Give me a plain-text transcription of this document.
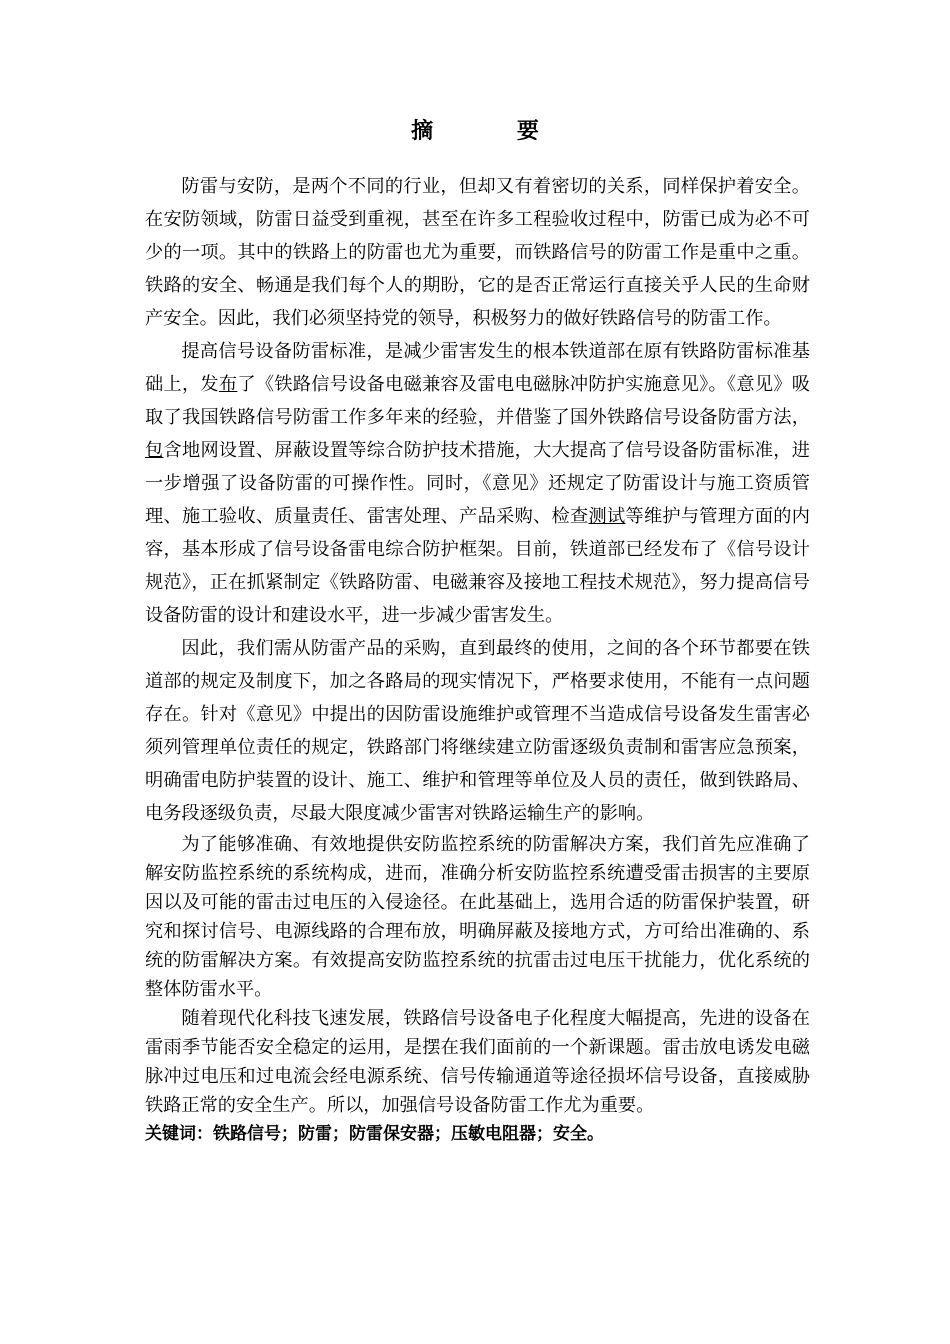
摘 要

防雷与安防，是两个不同的行业，但却又有着密切的关系，同样保护着安全。在安防领域，防雷日益受到重视，甚至在许多工程验收过程中，防雷已成为必不可少的一项。其中的铁路上的防雷也尤为重要，而铁路信号的防雷工作是重中之重。铁路的安全、畅通是我们每个人的期盼，它的是否正常运行直接关乎人民的生命财产安全。因此，我们必须坚持党的领导，积极努力的做好铁路信号的防雷工作。

提高信号设备防雷标准，是减少雷害发生的根本铁道部在原有铁路防雷标准基础上，发布了《铁路信号设备电磁兼容及雷电电磁脉冲防护实施意见》。《意见》吸取了我国铁路信号防雷工作多年来的经验，并借鉴了国外铁路信号设备防雷方法，包含地网设置、屏蔽设置等综合防护技术措施，大大提高了信号设备防雷标准，进一步增强了设备防雷的可操作性。同时，《意见》还规定了防雷设计与施工资质管理、施工验收、质量责任、雷害处理、产品采购、检查测试等维护与管理方面的内容，基本形成了信号设备雷电综合防护框架。目前，铁道部已经发布了《信号设计规范》，正在抓紧制定《铁路防雷、电磁兼容及接地工程技术规范》，努力提高信号设备防雷的设计和建设水平，进一步减少雷害发生。

因此，我们需从防雷产品的采购，直到最终的使用，之间的各个环节都要在铁道部的规定及制度下，加之各路局的现实情况下，严格要求使用，不能有一点问题存在。针对《意见》中提出的因防雷设施维护或管理不当造成信号设备发生雷害必须列管理单位责任的规定，铁路部门将继续建立防雷逐级负责制和雷害应急预案，明确雷电防护装置的设计、施工、维护和管理等单位及人员的责任，做到铁路局、电务段逐级负责，尽最大限度减少雷害对铁路运输生产的影响。

为了能够准确、有效地提供安防监控系统的防雷解决方案，我们首先应准确了解安防监控系统的系统构成，进而，准确分析安防监控系统遭受雷击损害的主要原因以及可能的雷击过电压的入侵途径。在此基础上，选用合适的防雷保护装置，研究和探讨信号、电源线路的合理布放，明确屏蔽及接地方式，方可给出准确的、系统的防雷解决方案。有效提高安防监控系统的抗雷击过电压干扰能力，优化系统的整体防雷水平。

随着现代化科技飞速发展，铁路信号设备电子化程度大幅提高，先进的设备在雷雨季节能否安全稳定的运用，是摆在我们面前的一个新课题。雷击放电诱发电磁脉冲过电压和过电流会经电源系统、信号传输通道等途径损坏信号设备，直接威胁铁路正常的安全生产。所以，加强信号设备防雷工作尤为重要。

关键词：铁路信号；防雷；防雷保安器；压敏电阻器；安全。
